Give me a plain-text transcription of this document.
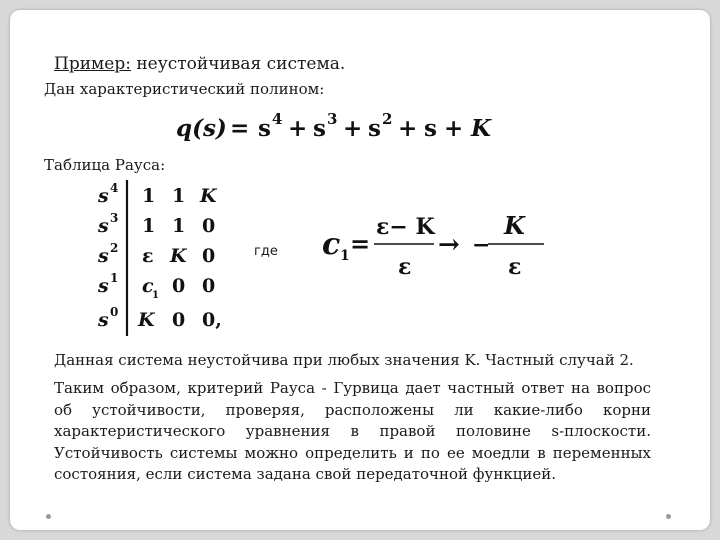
Пример: неустойчивая система.
Дан характеристический полином:
q(s) = s 4 + s 3 + s 2 + s + K
Таблица Рауса:
s 4 1 1 K
s 3 1 1 0
s 2 ε K 0
s 1 c
1 0 0
s 0 K 0 0,
где c 1 =
ε− K
ε
→ −
K
ε
Данная система неустойчива при любых значения K. Частный случай 2.
Таким образом, критерий Рауса - Гурвица дает частный ответ на вопрос об устойчивости, проверяя, расположены ли какие-либо корни характеристического уравнения в правой половине s-плоскости. Устойчивость системы можно определить и по ее моедли в переменных состояния, если система задана свой передаточной функцией.
